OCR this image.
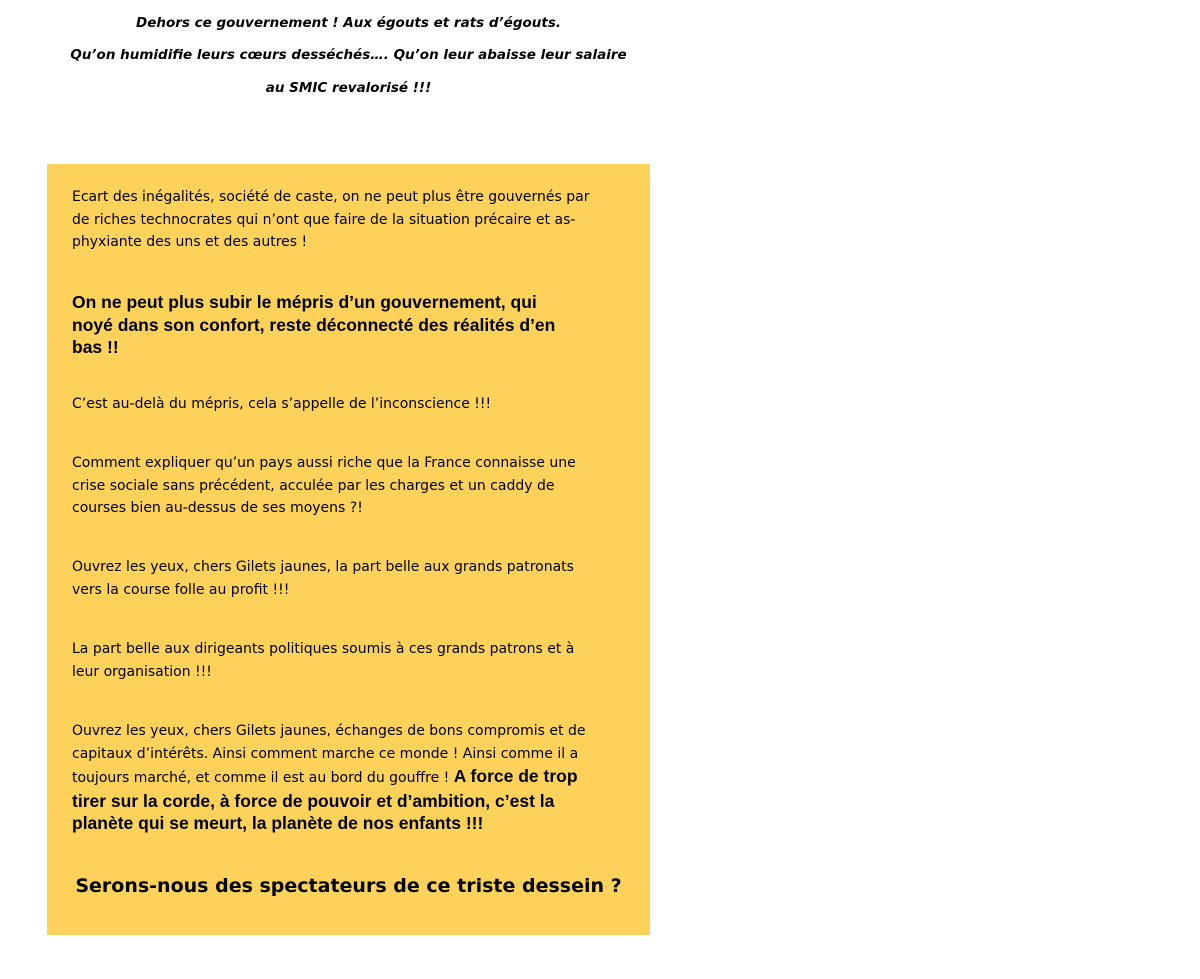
Dehors ce gouvernement ! Aux égouts et rats d’égouts.

Qu’on humidifie leurs cœurs desséchés…. Qu’on leur abaisse leur salaire

au SMIC revalorisé !!!

Ecart des inégalités, société de caste, on ne peut plus être gouvernés par
de riches technocrates qui n’ont que faire de la situation précaire et as-
phyxiante des uns et des autres !

On ne peut plus subir le mépris d’un gouvernement, qui
noyé dans son confort, reste déconnecté des réalités d’en
bas !!

C’est au-delà du mépris, cela s’appelle de l’inconscience !!!

Comment expliquer qu’un pays aussi riche que la France connaisse une
crise sociale sans précédent, acculée par les charges et un caddy de
courses bien au-dessus de ses moyens ?!

Ouvrez les yeux, chers Gilets jaunes, la part belle aux grands patronats
vers la course folle au profit !!!

La part belle aux dirigeants politiques soumis à ces grands patrons et à
leur organisation !!!

Ouvrez les yeux, chers Gilets jaunes, échanges de bons compromis et de
capitaux d’intérêts. Ainsi comment marche ce monde ! Ainsi comme il a
toujours marché, et comme il est au bord du gouffre ! A force de trop
tirer sur la corde, à force de pouvoir et d’ambition, c’est la
planète qui se meurt, la planète de nos enfants !!!

Serons-nous des spectateurs de ce triste dessein ?
